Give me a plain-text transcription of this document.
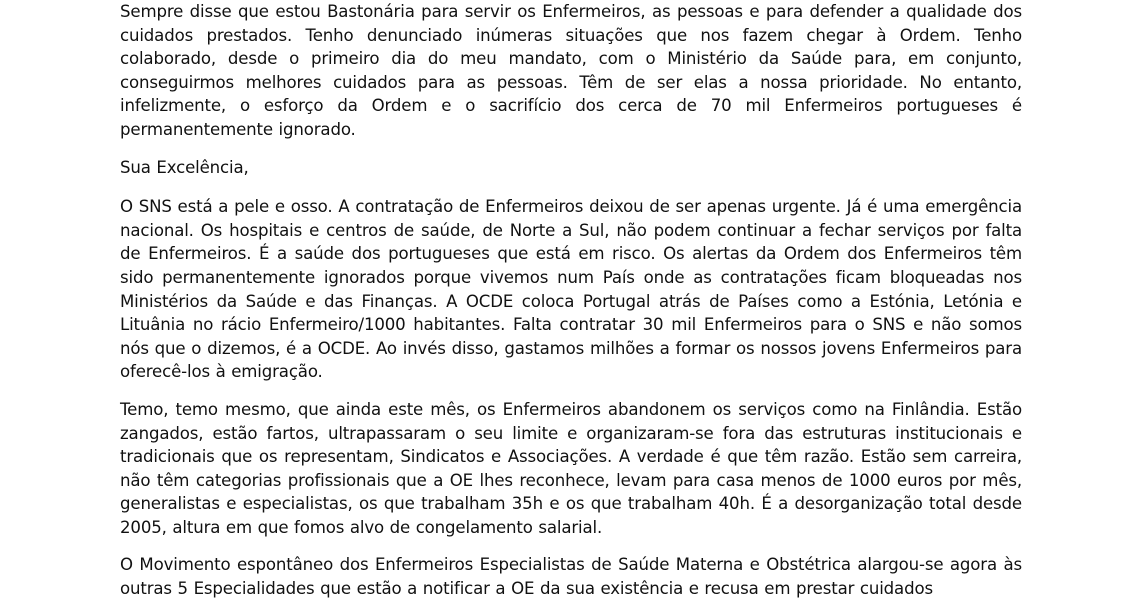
Sempre disse que estou Bastonária para servir os Enfermeiros, as pessoas e para defender a qualidade dos cuidados prestados. Tenho denunciado inúmeras situações que nos fazem chegar à Ordem. Tenho colaborado, desde o primeiro dia do meu mandato, com o Ministério da Saúde para, em conjunto, conseguirmos melhores cuidados para as pessoas. Têm de ser elas a nossa prioridade. No entanto, infelizmente, o esforço da Ordem e o sacrifício dos cerca de 70 mil Enfermeiros portugueses é permanentemente ignorado.

Sua Excelência,

O SNS está a pele e osso. A contratação de Enfermeiros deixou de ser apenas urgente. Já é uma emergência nacional. Os hospitais e centros de saúde, de Norte a Sul, não podem continuar a fechar serviços por falta de Enfermeiros. É a saúde dos portugueses que está em risco. Os alertas da Ordem dos Enfermeiros têm sido permanentemente ignorados porque vivemos num País onde as contratações ficam bloqueadas nos Ministérios da Saúde e das Finanças. A OCDE coloca Portugal atrás de Países como a Estónia, Letónia e Lituânia no rácio Enfermeiro/1000 habitantes. Falta contratar 30 mil Enfermeiros para o SNS e não somos nós que o dizemos, é a OCDE. Ao invés disso, gastamos milhões a formar os nossos jovens Enfermeiros para oferecê-los à emigração.

Temo, temo mesmo, que ainda este mês, os Enfermeiros abandonem os serviços como na Finlândia. Estão zangados, estão fartos, ultrapassaram o seu limite e organizaram-se fora das estruturas institucionais e tradicionais que os representam, Sindicatos e Associações. A verdade é que têm razão. Estão sem carreira, não têm categorias profissionais que a OE lhes reconhece, levam para casa menos de 1000 euros por mês, generalistas e especialistas, os que trabalham 35h e os que trabalham 40h. É a desorganização total desde 2005, altura em que fomos alvo de congelamento salarial.

O Movimento espontâneo dos Enfermeiros Especialistas de Saúde Materna e Obstétrica alargou-se agora às outras 5 Especialidades que estão a notificar a OE da sua existência e recusa em prestar cuidados
